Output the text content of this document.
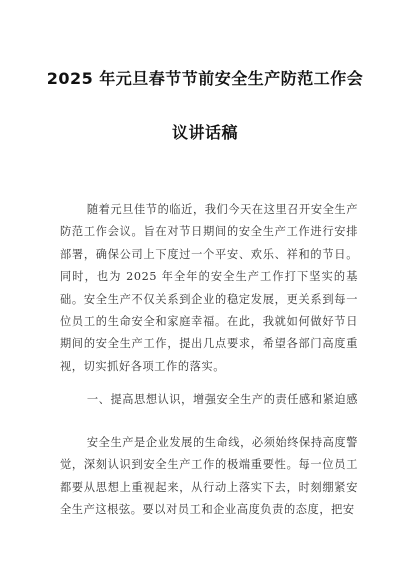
2025 年元旦春节节前安全生产防范工作会
议讲话稿
随着元旦佳节的临近，我们今天在这里召开安全生产防范工作会议。旨在对节日期间的安全生产工作进行安排部署，确保公司上下度过一个平安、欢乐、祥和的节日。同时，也为 2025 年全年的安全生产工作打下坚实的基础。安全生产不仅关系到企业的稳定发展，更关系到每一位员工的生命安全和家庭幸福。在此，我就如何做好节日期间的安全生产工作，提出几点要求，希望各部门高度重视，切实抓好各项工作的落实。
一、提高思想认识，增强安全生产的责任感和紧迫感
安全生产是企业发展的生命线，必须始终保持高度警觉，深刻认识到安全生产工作的极端重要性。每一位员工都要从思想上重视起来，从行动上落实下去，时刻绷紧安全生产这根弦。要以对员工和企业高度负责的态度，把安
